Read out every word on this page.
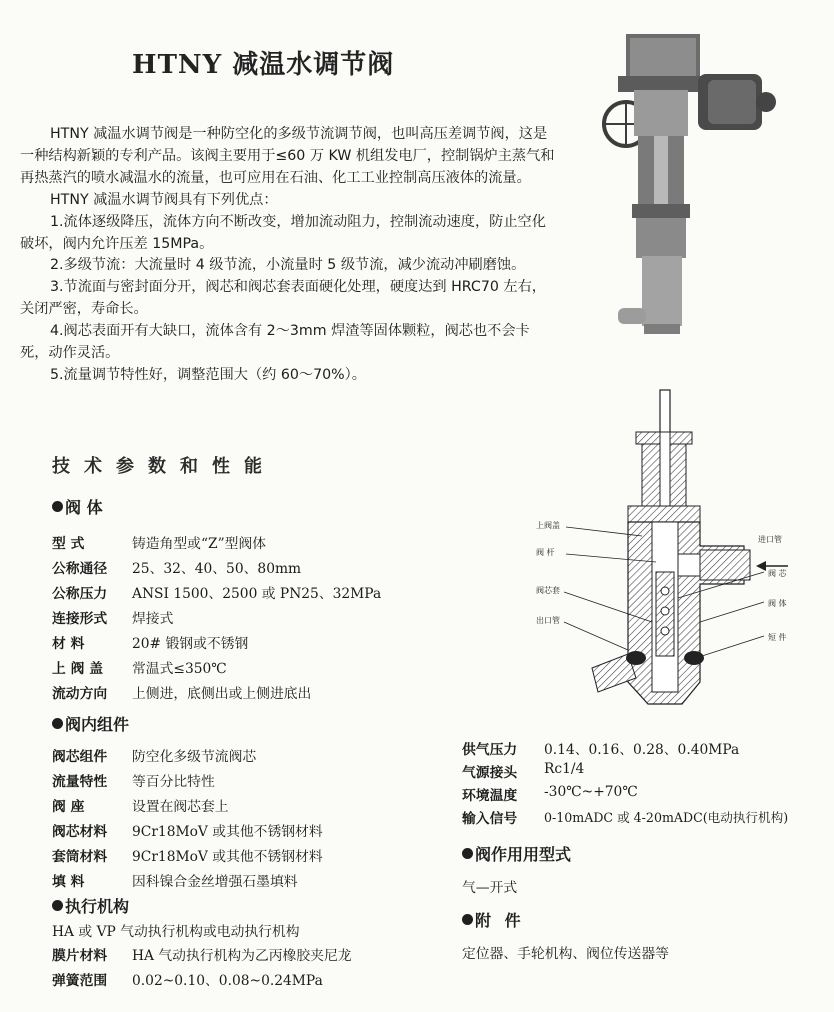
HTNY 减温水调节阀

HTNY 减温水调节阀是一种防空化的多级节流调节阀，也叫高压差调节阀，这是一种结构新颖的专利产品。该阀主要用于≤60 万 KW 机组发电厂，控制锅炉主蒸气和再热蒸汽的喷水减温水的流量，也可应用在石油、化工工业控制高压液体的流量。

HTNY 减温水调节阀具有下列优点：

1.流体逐级降压，流体方向不断改变，增加流动阻力，控制流动速度，防止空化破坏，阀内允许压差 15MPa。

2.多级节流：大流量时 4 级节流，小流量时 5 级节流，减少流动冲刷磨蚀。

3.节流面与密封面分开，阀芯和阀芯套表面硬化处理，硬度达到 HRC70 左右，关闭严密，寿命长。

4.阀芯表面开有大缺口，流体含有 2～3mm 焊渣等固体颗粒，阀芯也不会卡死，动作灵活。

5.流量调节特性好，调整范围大（约 60～70%）。

技术参数和性能
阀 体
型 式	铸造角型或“Z”型阀体
公称通径 25、32、40、50、80mm
公称压力 ANSI 1500、2500 或 PN25、32MPa
连接形式 焊接式
材 料	20# 锻钢或不锈钢
上 阀 盖 常温式≤350℃
流动方向 上侧进，底侧出或上侧进底出
阀内组件
阀芯组件 防空化多级节流阀芯
流量特性 等百分比特性
阀 座	设置在阀芯套上
阀芯材料 9Cr18MoV 或其他不锈钢材料
套筒材料 9Cr18MoV 或其他不锈钢材料
填 料	因科镍合金丝增强石墨填料
执行机构
HA 或 VP 气动执行机构或电动执行机构
膜片材料 HA 气动执行机构为乙丙橡胶夹尼龙
弹簧范围 0.02~0.10、0.08~0.24MPa
上阀盖
阀 杆
阀芯套
出口管
进口管
阀 芯
阀 体
短 件
供气压力 0.14、0.16、0.28、0.40MPa
气源接头 Rc1/4
环境温度 -30℃~+70℃
输入信号 0-10mADC 或 4-20mADC(电动执行机构)
阀作用用型式
气—开式
附 件
定位器、手轮机构、阀位传送器等
